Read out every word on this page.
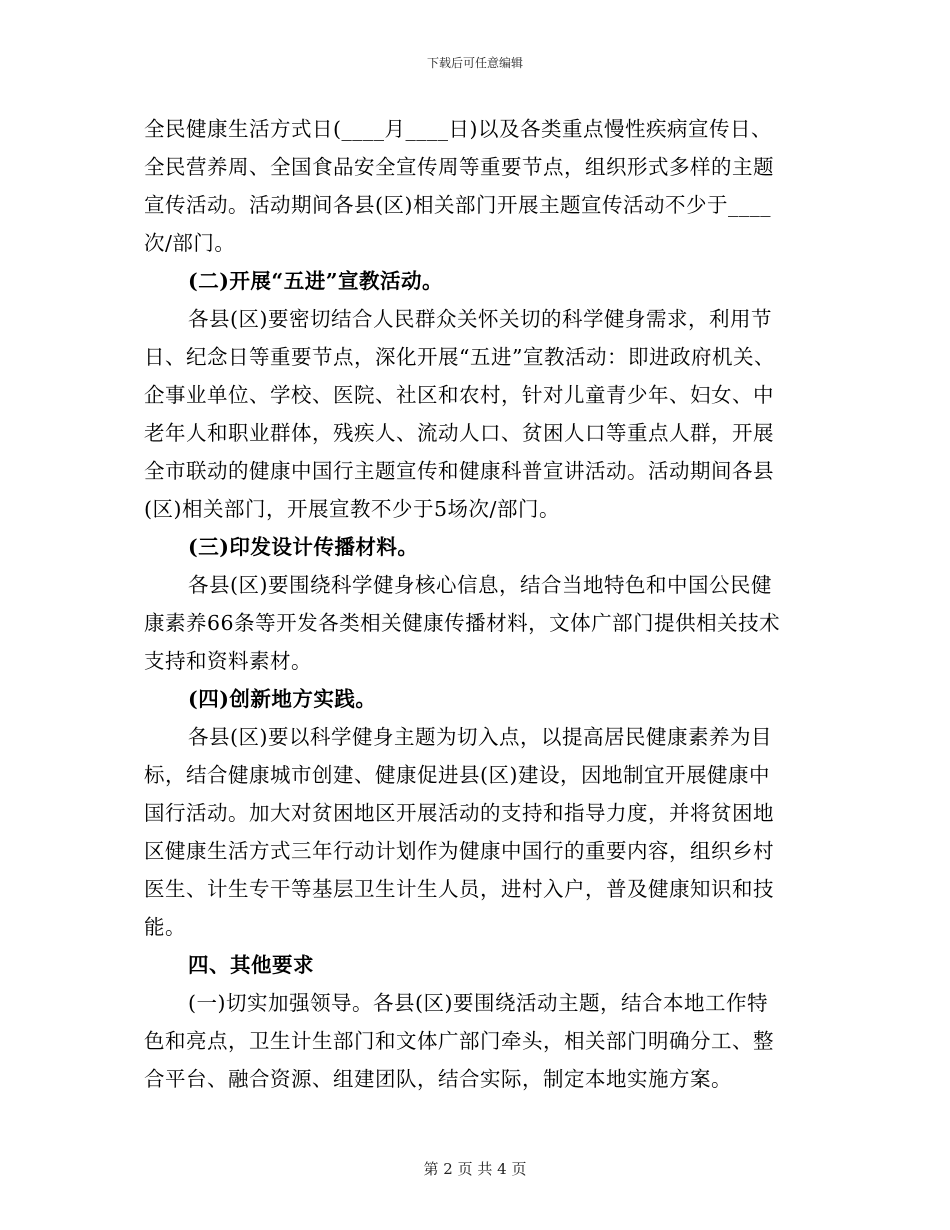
下载后可任意编辑
全民健康生活方式日(____月____日)以及各类重点慢性疾病宣传日、
全民营养周、全国食品安全宣传周等重要节点，组织形式多样的主题
宣传活动。活动期间各县(区)相关部门开展主题宣传活动不少于____
次/部门。
(二)开展“五进”宣教活动。
各县(区)要密切结合人民群众关怀关切的科学健身需求，利用节
日、纪念日等重要节点，深化开展“五进”宣教活动：即进政府机关、
企事业单位、学校、医院、社区和农村，针对儿童青少年、妇女、中
老年人和职业群体，残疾人、流动人口、贫困人口等重点人群，开展
全市联动的健康中国行主题宣传和健康科普宣讲活动。活动期间各县
(区)相关部门，开展宣教不少于5场次/部门。
(三)印发设计传播材料。
各县(区)要围绕科学健身核心信息，结合当地特色和中国公民健
康素养66条等开发各类相关健康传播材料，文体广部门提供相关技术
支持和资料素材。
(四)创新地方实践。
各县(区)要以科学健身主题为切入点，以提高居民健康素养为目
标，结合健康城市创建、健康促进县(区)建设，因地制宜开展健康中
国行活动。加大对贫困地区开展活动的支持和指导力度，并将贫困地
区健康生活方式三年行动计划作为健康中国行的重要内容，组织乡村
医生、计生专干等基层卫生计生人员，进村入户，普及健康知识和技
能。
四、其他要求
(一)切实加强领导。各县(区)要围绕活动主题，结合本地工作特
色和亮点，卫生计生部门和文体广部门牵头，相关部门明确分工、整
合平台、融合资源、组建团队，结合实际，制定本地实施方案。
第 2 页 共 4 页
